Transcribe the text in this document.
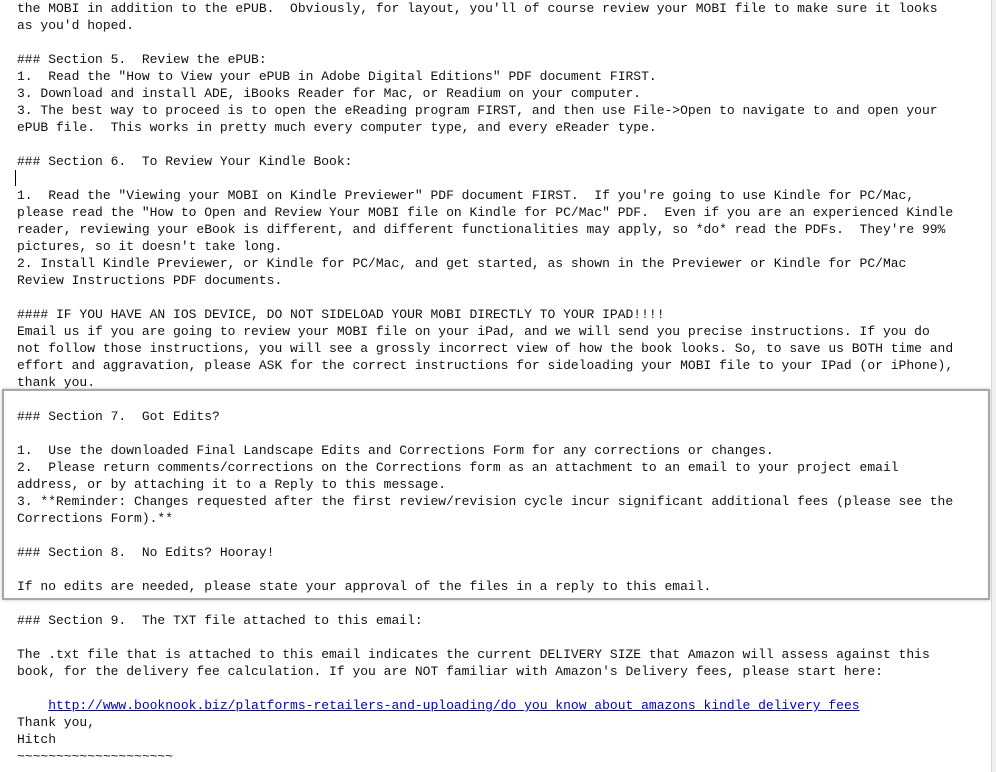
the MOBI in addition to the ePUB.  Obviously, for layout, you'll of course review your MOBI file to make sure it looks
as you'd hoped.
### Section 5.  Review the ePUB:
1.  Read the "How to View your ePUB in Adobe Digital Editions" PDF document FIRST.
3. Download and install ADE, iBooks Reader for Mac, or Readium on your computer.
3. The best way to proceed is to open the eReading program FIRST, and then use File->Open to navigate to and open your
ePUB file.  This works in pretty much every computer type, and every eReader type.
### Section 6.  To Review Your Kindle Book:
1.  Read the "Viewing your MOBI on Kindle Previewer" PDF document FIRST.  If you're going to use Kindle for PC/Mac,
please read the "How to Open and Review Your MOBI file on Kindle for PC/Mac" PDF.  Even if you are an experienced Kindle
reader, reviewing your eBook is different, and different functionalities may apply, so *do* read the PDFs.  They're 99%
pictures, so it doesn't take long.
2. Install Kindle Previewer, or Kindle for PC/Mac, and get started, as shown in the Previewer or Kindle for PC/Mac
Review Instructions PDF documents.
#### IF YOU HAVE AN IOS DEVICE, DO NOT SIDELOAD YOUR MOBI DIRECTLY TO YOUR IPAD!!!!
Email us if you are going to review your MOBI file on your iPad, and we will send you precise instructions. If you do
not follow those instructions, you will see a grossly incorrect view of how the book looks. So, to save us BOTH time and
effort and aggravation, please ASK for the correct instructions for sideloading your MOBI file to your IPad (or iPhone),
thank you.
### Section 7.  Got Edits?
1.  Use the downloaded Final Landscape Edits and Corrections Form for any corrections or changes.
2.  Please return comments/corrections on the Corrections form as an attachment to an email to your project email
address, or by attaching it to a Reply to this message.
3. **Reminder: Changes requested after the first review/revision cycle incur significant additional fees (please see the
Corrections Form).**
### Section 8.  No Edits? Hooray!
If no edits are needed, please state your approval of the files in a reply to this email.
### Section 9.  The TXT file attached to this email:
The .txt file that is attached to this email indicates the current DELIVERY SIZE that Amazon will assess against this
book, for the delivery fee calculation. If you are NOT familiar with Amazon's Delivery fees, please start here:

http://www.booknook.biz/platforms-retailers-and-uploading/do_you_know_about_amazons_kindle_delivery_fees

Thank you,
Hitch
~~~~~~~~~~~~~~~~~~~~
